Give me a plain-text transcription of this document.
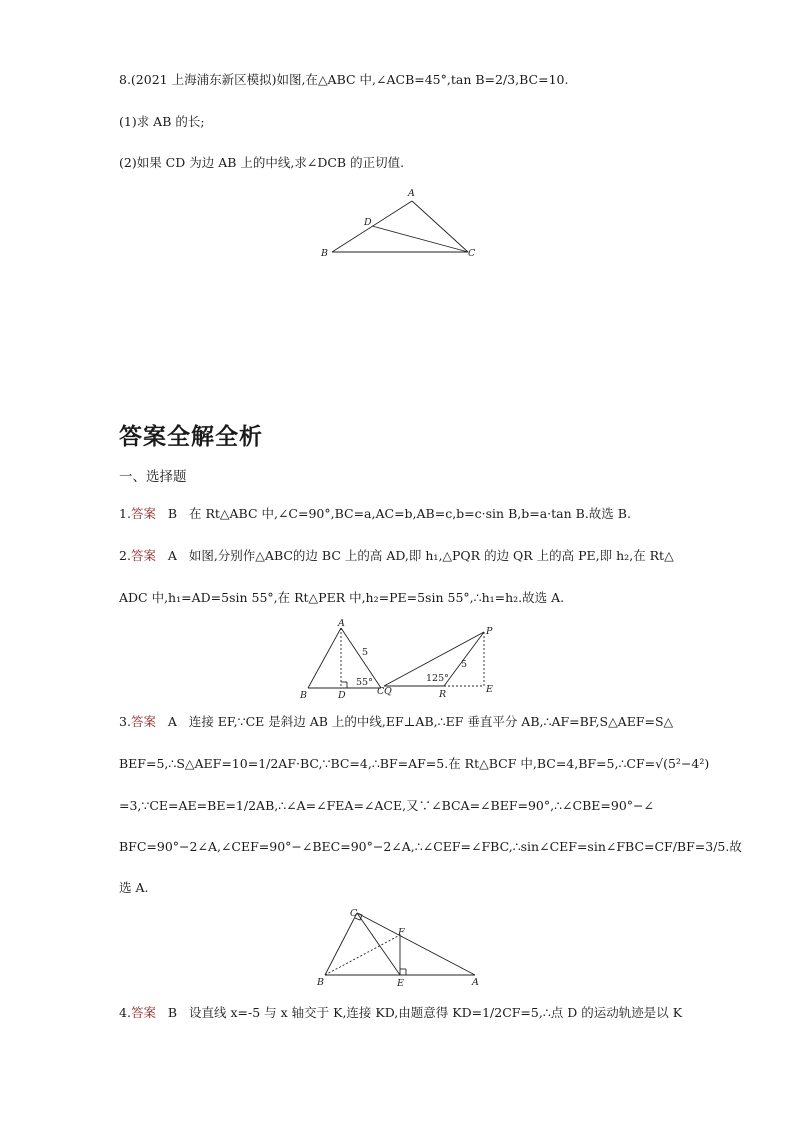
8.(2021 上海浦东新区模拟)如图,在△ABC 中,∠ACB=45°,tan B=2/3,BC=10.
(1)求 AB 的长;
(2)如果 CD 为边 AB 上的中线,求∠DCB 的正切值.
A
D
B	C
答案全解全析
一、选择题
1.答案 B 在 Rt△ABC 中,∠C=90°,BC=a,AC=b,AB=c,b=c·sin B,b=a·tan B.故选 B.
2.答案 A 如图,分别作△ABC的边 BC 上的高 AD,即 h₁,△PQR 的边 QR 上的高 PE,即 h₂,在 Rt△
ADC 中,h₁=AD=5sin 55°,在 Rt△PER 中,h₂=PE=5sin 55°,∴h₁=h₂.故选 A.
A
5
B	D
55°
C Q
P
5
125°
R	E
3.答案 A 连接 EF,∵CE 是斜边 AB 上的中线,EF⊥AB,∴EF 垂直平分 AB,∴AF=BF,S△AEF=S△
BEF=5,∴S△AEF=10=1/2AF·BC,∵BC=4,∴BF=AF=5.在 Rt△BCF 中,BC=4,BF=5,∴CF=√(5²−4²)
=3,∵CE=AE=BE=1/2AB,∴∠A=∠FEA=∠ACE,又∵∠BCA=∠BEF=90°,∴∠CBE=90°−∠
BFC=90°−2∠A,∠CEF=90°−∠BEC=90°−2∠A,∴∠CEF=∠FBC,∴sin∠CEF=sin∠FBC=CF/BF=3/5.故
选 A.
C
F
B	E	A
4.答案 B 设直线 x=-5 与 x 轴交于 K,连接 KD,由题意得 KD=1/2CF=5,∴点 D 的运动轨迹是以 K
